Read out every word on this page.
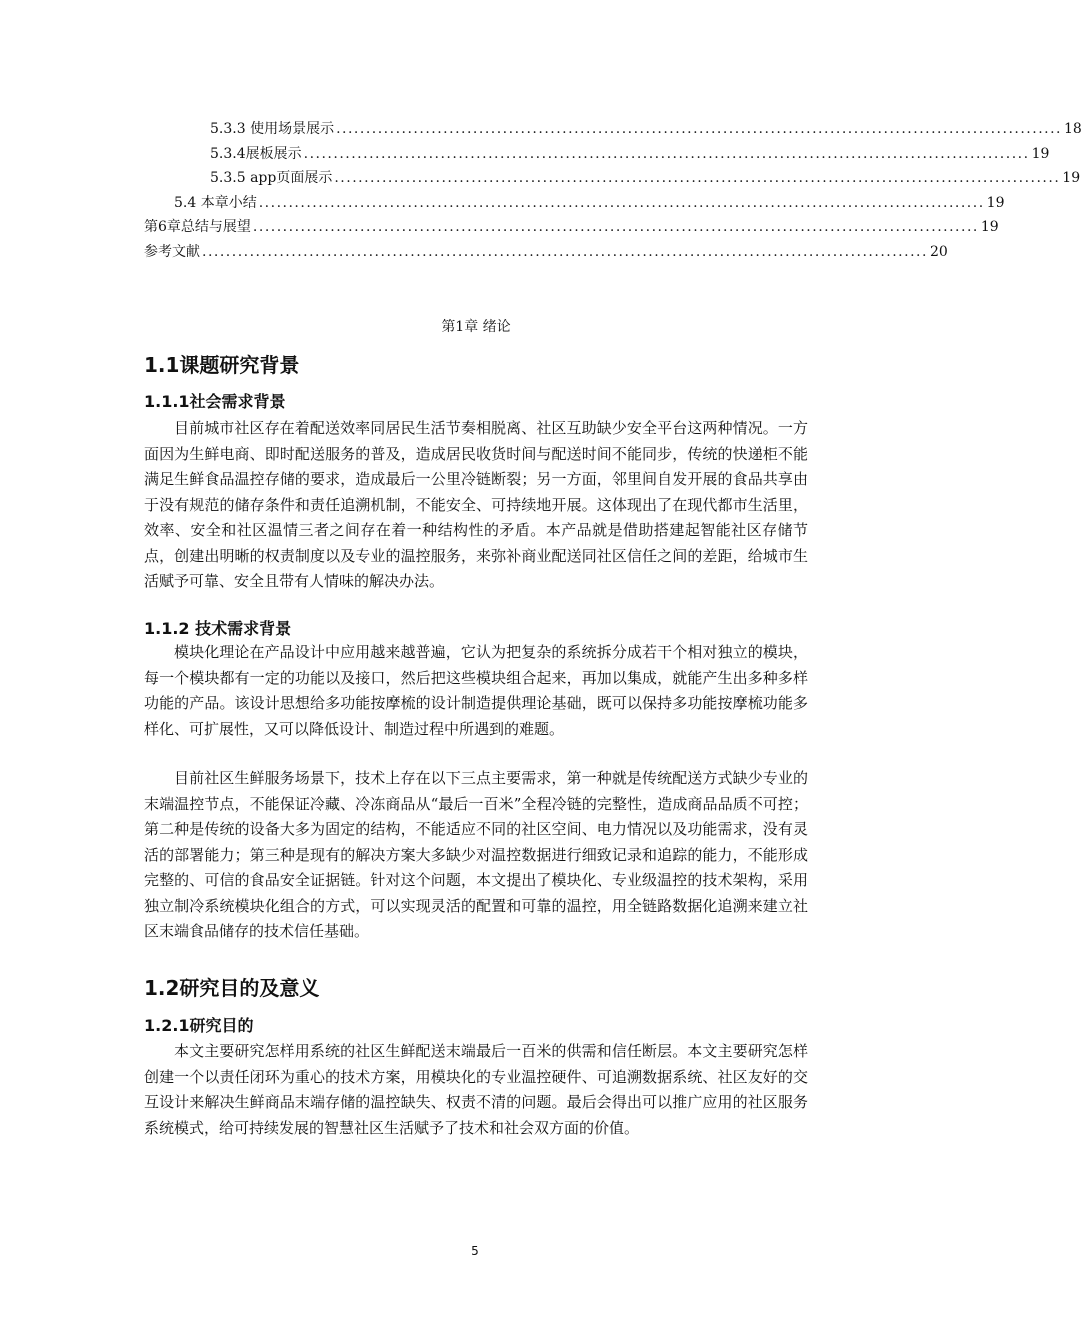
5.3.3 使用场景展示 .......................................................................................................................... 18
5.3.4展板展示 .......................................................................................................................... 19
5.3.5 app页面展示 .......................................................................................................................... 19
5.4 本章小结 .......................................................................................................................... 19
第6章总结与展望 .......................................................................................................................... 19
参考文献 .......................................................................................................................... 20
第1章 绪论
1.1课题研究背景
1.1.1社会需求背景

目前城市社区存在着配送效率同居民生活节奏相脱离、社区互助缺少安全平台这两种情况。一方面因为生鲜电商、即时配送服务的普及，造成居民收货时间与配送时间不能同步，传统的快递柜不能满足生鲜食品温控存储的要求，造成最后一公里冷链断裂；另一方面，邻里间自发开展的食品共享由于没有规范的储存条件和责任追溯机制，不能安全、可持续地开展。这体现出了在现代都市生活里，效率、安全和社区温情三者之间存在着一种结构性的矛盾。本产品就是借助搭建起智能社区存储节点，创建出明晰的权责制度以及专业的温控服务，来弥补商业配送同社区信任之间的差距，给城市生活赋予可靠、安全且带有人情味的解决办法。

1.1.2 技术需求背景

模块化理论在产品设计中应用越来越普遍，它认为把复杂的系统拆分成若干个相对独立的模块，每一个模块都有一定的功能以及接口，然后把这些模块组合起来，再加以集成，就能产生出多种多样功能的产品。该设计思想给多功能按摩梳的设计制造提供理论基础，既可以保持多功能按摩梳功能多样化、可扩展性，又可以降低设计、制造过程中所遇到的难题。

目前社区生鲜服务场景下，技术上存在以下三点主要需求，第一种就是传统配送方式缺少专业的末端温控节点，不能保证冷藏、冷冻商品从“最后一百米”全程冷链的完整性，造成商品品质不可控；第二种是传统的设备大多为固定的结构，不能适应不同的社区空间、电力情况以及功能需求，没有灵活的部署能力；第三种是现有的解决方案大多缺少对温控数据进行细致记录和追踪的能力，不能形成完整的、可信的食品安全证据链。针对这个问题，本文提出了模块化、专业级温控的技术架构，采用独立制冷系统模块化组合的方式，可以实现灵活的配置和可靠的温控，用全链路数据化追溯来建立社区末端食品储存的技术信任基础。

1.2研究目的及意义
1.2.1研究目的

本文主要研究怎样用系统的社区生鲜配送末端最后一百米的供需和信任断层。本文主要研究怎样创建一个以责任闭环为重心的技术方案，用模块化的专业温控硬件、可追溯数据系统、社区友好的交互设计来解决生鲜商品末端存储的温控缺失、权责不清的问题。最后会得出可以推广应用的社区服务系统模式，给可持续发展的智慧社区生活赋予了技术和社会双方面的价值。

5
